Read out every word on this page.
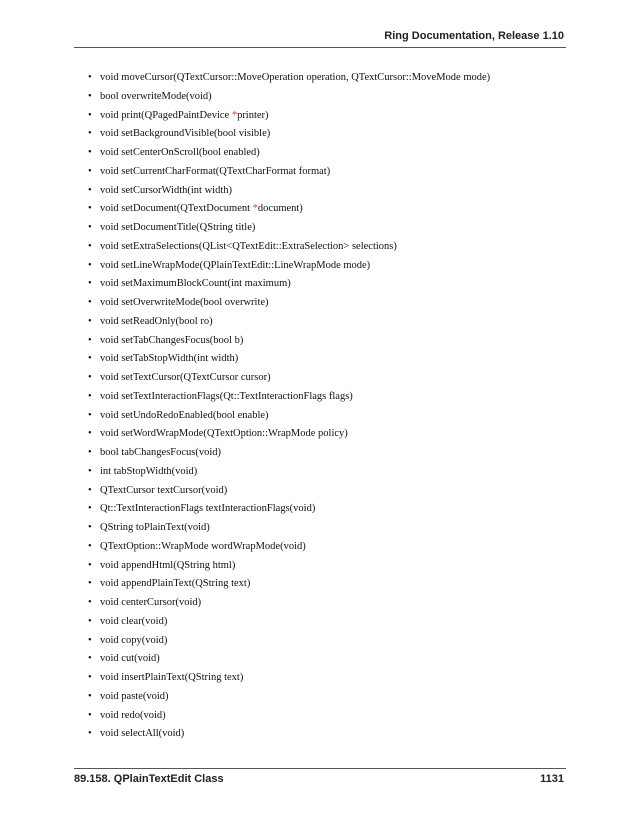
Ring Documentation, Release 1.10
• void moveCursor(QTextCursor::MoveOperation operation, QTextCursor::MoveMode mode)
• bool overwriteMode(void)
• void print(QPagedPaintDevice *printer)
• void setBackgroundVisible(bool visible)
• void setCenterOnScroll(bool enabled)
• void setCurrentCharFormat(QTextCharFormat format)
• void setCursorWidth(int width)
• void setDocument(QTextDocument *document)
• void setDocumentTitle(QString title)
• void setExtraSelections(QList<QTextEdit::ExtraSelection> selections)
• void setLineWrapMode(QPlainTextEdit::LineWrapMode mode)
• void setMaximumBlockCount(int maximum)
• void setOverwriteMode(bool overwrite)
• void setReadOnly(bool ro)
• void setTabChangesFocus(bool b)
• void setTabStopWidth(int width)
• void setTextCursor(QTextCursor cursor)
• void setTextInteractionFlags(Qt::TextInteractionFlags flags)
• void setUndoRedoEnabled(bool enable)
• void setWordWrapMode(QTextOption::WrapMode policy)
• bool tabChangesFocus(void)
• int tabStopWidth(void)
• QTextCursor textCursor(void)
• Qt::TextInteractionFlags textInteractionFlags(void)
• QString toPlainText(void)
• QTextOption::WrapMode wordWrapMode(void)
• void appendHtml(QString html)
• void appendPlainText(QString text)
• void centerCursor(void)
• void clear(void)
• void copy(void)
• void cut(void)
• void insertPlainText(QString text)
• void paste(void)
• void redo(void)
• void selectAll(void)
89.158. QPlainTextEdit Class	1131
